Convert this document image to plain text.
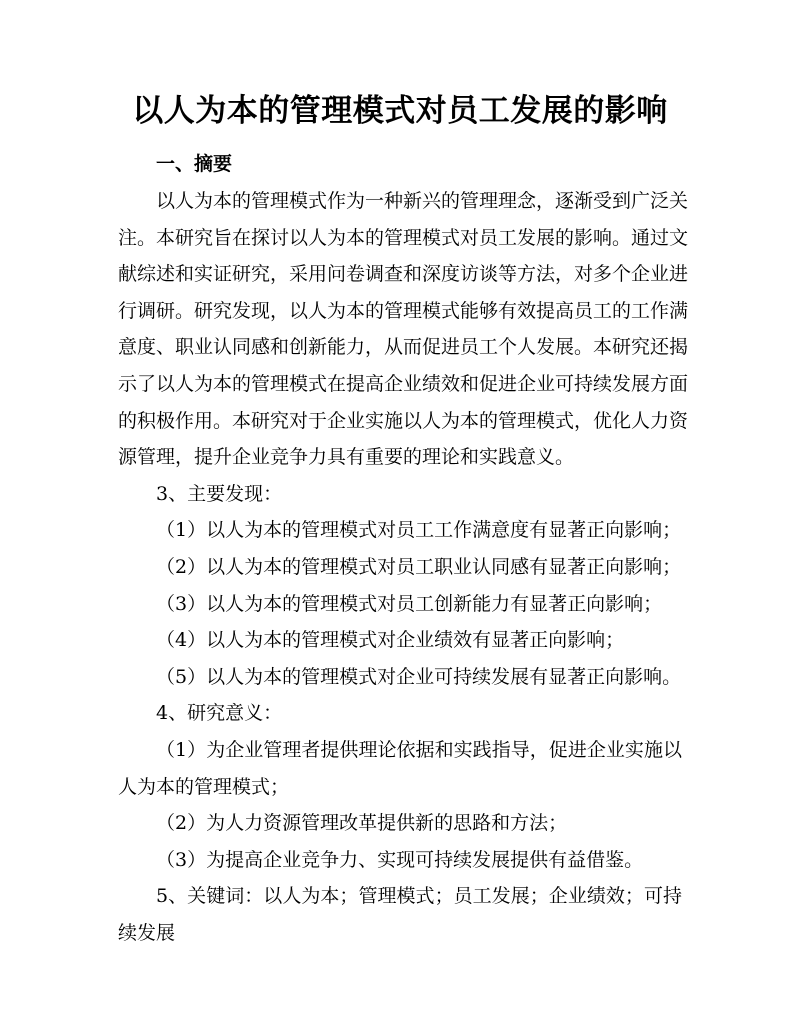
以人为本的管理模式对员工发展的影响

一、摘要

以人为本的管理模式作为一种新兴的管理理念，逐渐受到广泛关
注。本研究旨在探讨以人为本的管理模式对员工发展的影响。通过文
献综述和实证研究，采用问卷调查和深度访谈等方法，对多个企业进
行调研。研究发现，以人为本的管理模式能够有效提高员工的工作满
意度、职业认同感和创新能力，从而促进员工个人发展。本研究还揭
示了以人为本的管理模式在提高企业绩效和促进企业可持续发展方面
的积极作用。本研究对于企业实施以人为本的管理模式，优化人力资
源管理，提升企业竞争力具有重要的理论和实践意义。

3、主要发现：

（1）以人为本的管理模式对员工工作满意度有显著正向影响；
（2）以人为本的管理模式对员工职业认同感有显著正向影响；
（3）以人为本的管理模式对员工创新能力有显著正向影响；
（4）以人为本的管理模式对企业绩效有显著正向影响；
（5）以人为本的管理模式对企业可持续发展有显著正向影响。

4、研究意义：

（1）为企业管理者提供理论依据和实践指导，促进企业实施以人为本的管理模式；
（2）为人力资源管理改革提供新的思路和方法；
（3）为提高企业竞争力、实现可持续发展提供有益借鉴。

5、关键词：以人为本；管理模式；员工发展；企业绩效；可持续发展
